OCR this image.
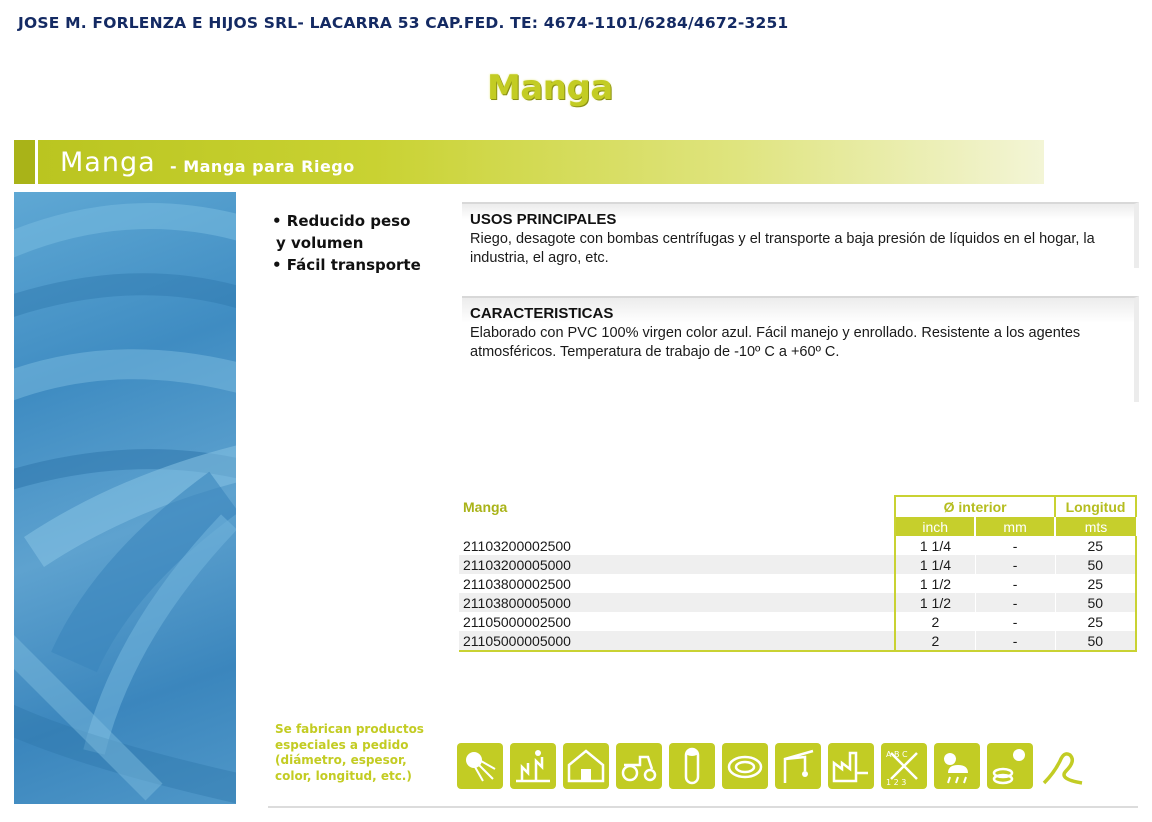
JOSE M. FORLENZA E HIJOS SRL- LACARRA 53 CAP.FED. TE: 4674-1101/6284/4672-3251
Manga
Manga - Manga para Riego
• Reducido peso
y volumen
• Fácil transporte
USOS PRINCIPALES
Riego, desagote con bombas centrífugas y el transporte a baja presión de líquidos en el hogar, la industria, el agro, etc.
CARACTERISTICAS
Elaborado con PVC 100% virgen color azul. Fácil manejo y enrollado. Resistente a los agentes atmosféricos. Temperatura de trabajo de -10º C a +60º C.
Manga	Ø interior		Longitud
CODIGO	inch	mm	mts
21103200002500	1 1/4	-	25
21103200005000	1 1/4	-	50
21103800002500	1 1/2	-	25
21103800005000	1 1/2	-	50
21105000002500	2	-	25
21105000005000	2	-	50
Se fabrican productos
especiales a pedido
(diámetro, espesor,
color, longitud, etc.)
A B C
1 2 3
